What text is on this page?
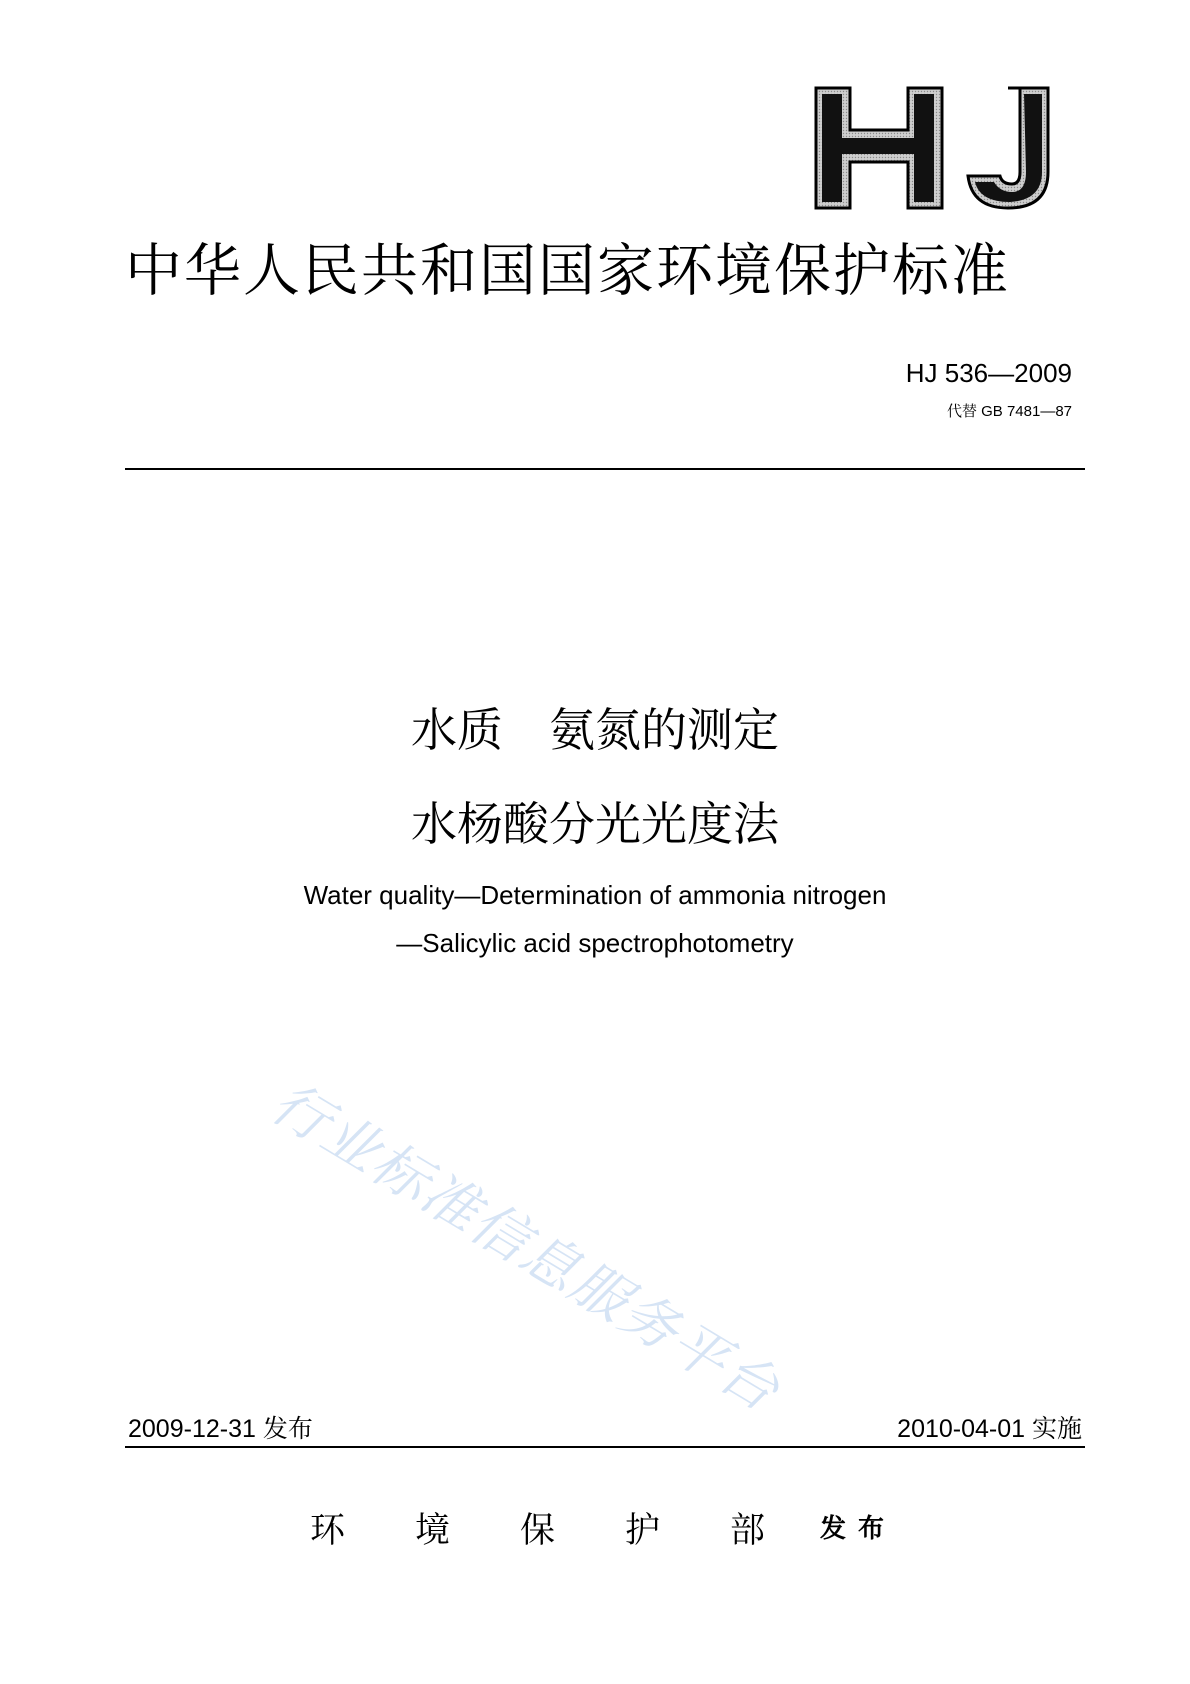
中华人民共和国国家环境保护标准
HJ 536—2009
代替 GB 7481—87
水质　氨氮的测定
水杨酸分光光度法
Water quality—Determination of ammonia nitrogen
—Salicylic acid spectrophotometry
行业标准信息服务平台
2009-12-31 发布	2010-04-01 实施
环境保护部
发布
